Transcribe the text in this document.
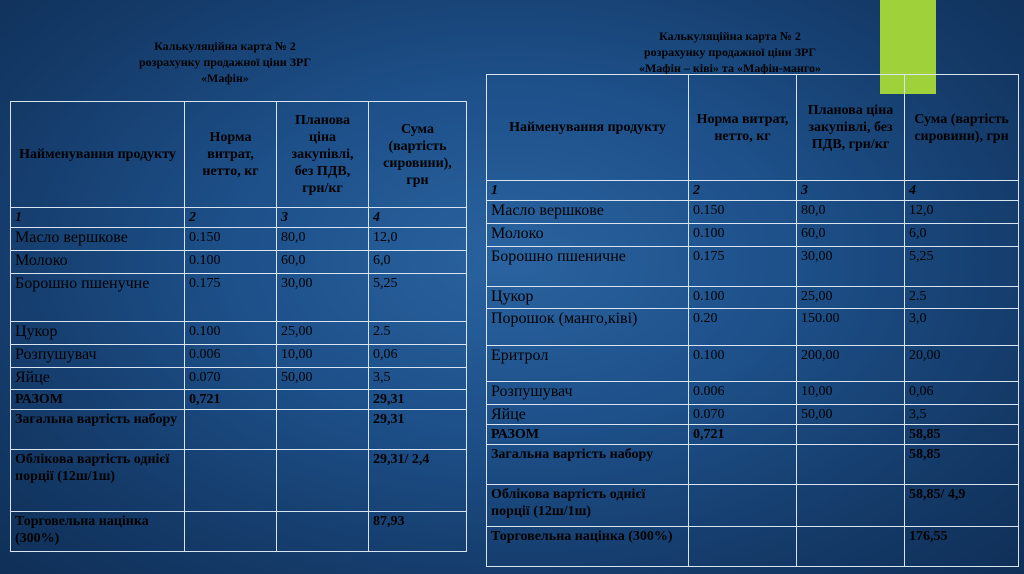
Калькуляційна карта № 2
розрахунку продажної ціни ЗРГ
«Мафін»
Калькуляційна карта № 2
розрахунку продажної ціни ЗРГ
«Мафін – ківі» та «Мафін-манго»
Найменування продукту	Норма витрат, нетто, кг	Планова ціна закупівлі, без ПДВ, грн/кг	Сума (вартість сировини), грн
1	2	3	4
Масло вершкове	0.150	80,0	12,0
Молоко	0.100	60,0	6,0
Борошно пшенучне	0.175	30,00	5,25
Цукор	0.100	25,00	2.5
Розпушувач	0.006	10,00	0,06
Яйце	0.070	50,00	3,5
РАЗОМ	0,721		29,31
Загальна вартість набору			29,31
Облікова вартість однієї порції (12ш/1ш)			29,31/ 2,4
Торговельна націнка (300%)			87,93
Найменування продукту	Норма витрат, нетто, кг	Планова ціна закупівлі, без ПДВ, грн/кг	Сума (вартість сировини), грн
1	2	3	4
Масло вершкове	0.150	80,0	12,0
Молоко	0.100	60,0	6,0
Борошно пшеничне	0.175	30,00	5,25
Цукор	0.100	25,00	2.5
Порошок (манго,ківі)	0.20	150.00	3,0
Еритрол	0.100	200,00	20,00
Розпушувач	0.006	10,00	0,06
Яйце	0.070	50,00	3,5
РАЗОМ	0,721		58,85
Загальна вартість набору			58,85
Облікова вартість однієї порції (12ш/1ш)			58,85/ 4,9
Торговельна націнка (300%)			176,55
